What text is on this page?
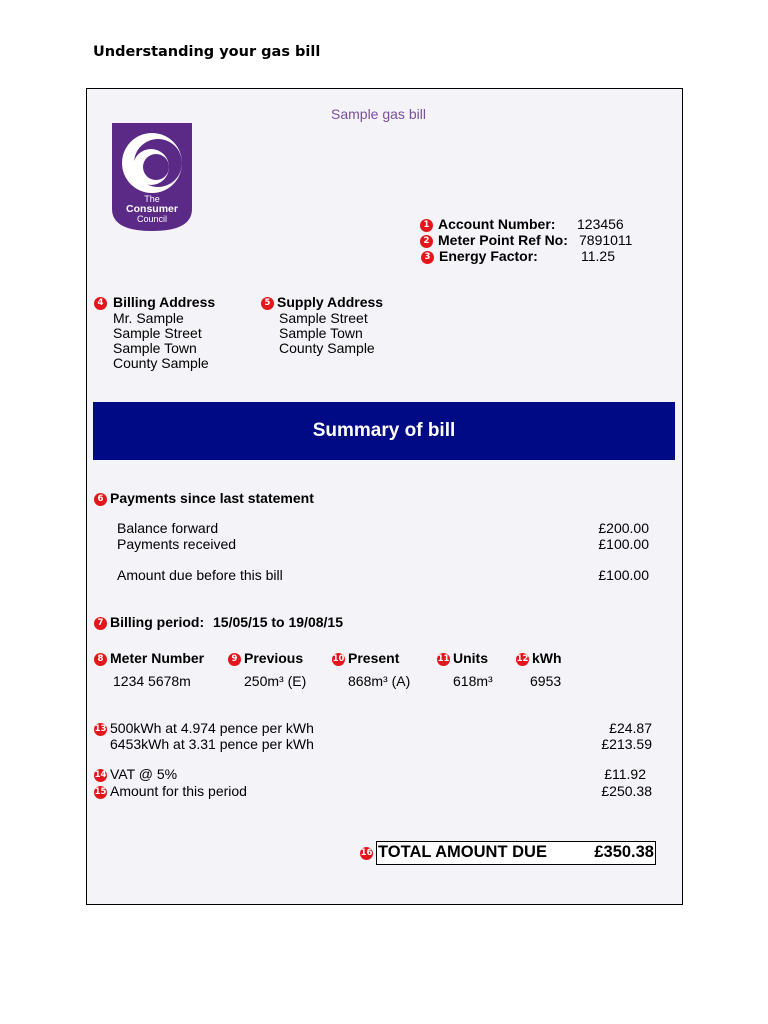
Understanding your gas bill
Sample gas bill
The
Consumer
Council
1 Account Number: 123456
2 Meter Point Ref No: 7891011
3 Energy Factor:	11.25
4 Billing Address
Mr. Sample
Sample Street
Sample Town
County Sample
5 Supply Address
Sample Street
Sample Town
County Sample
Summary of bill
6 Payments since last statement
Balance forward	£200.00
Payments received	£100.00
Amount due before this bill	£100.00
7 Billing period: 15/05/15 to 19/08/15
8 Meter Number	9 Previous	10 Present	11 Units	12 kWh
1234 5678m	250m³ (E)	868m³ (A)	618m³	6953
13 500kWh at 4.974 pence per kWh	£24.87
6453kWh at 3.31 pence per kWh	£213.59
14 VAT @ 5%	£11.92
15 Amount for this period	£250.38
16 TOTAL AMOUNT DUE	£350.38
